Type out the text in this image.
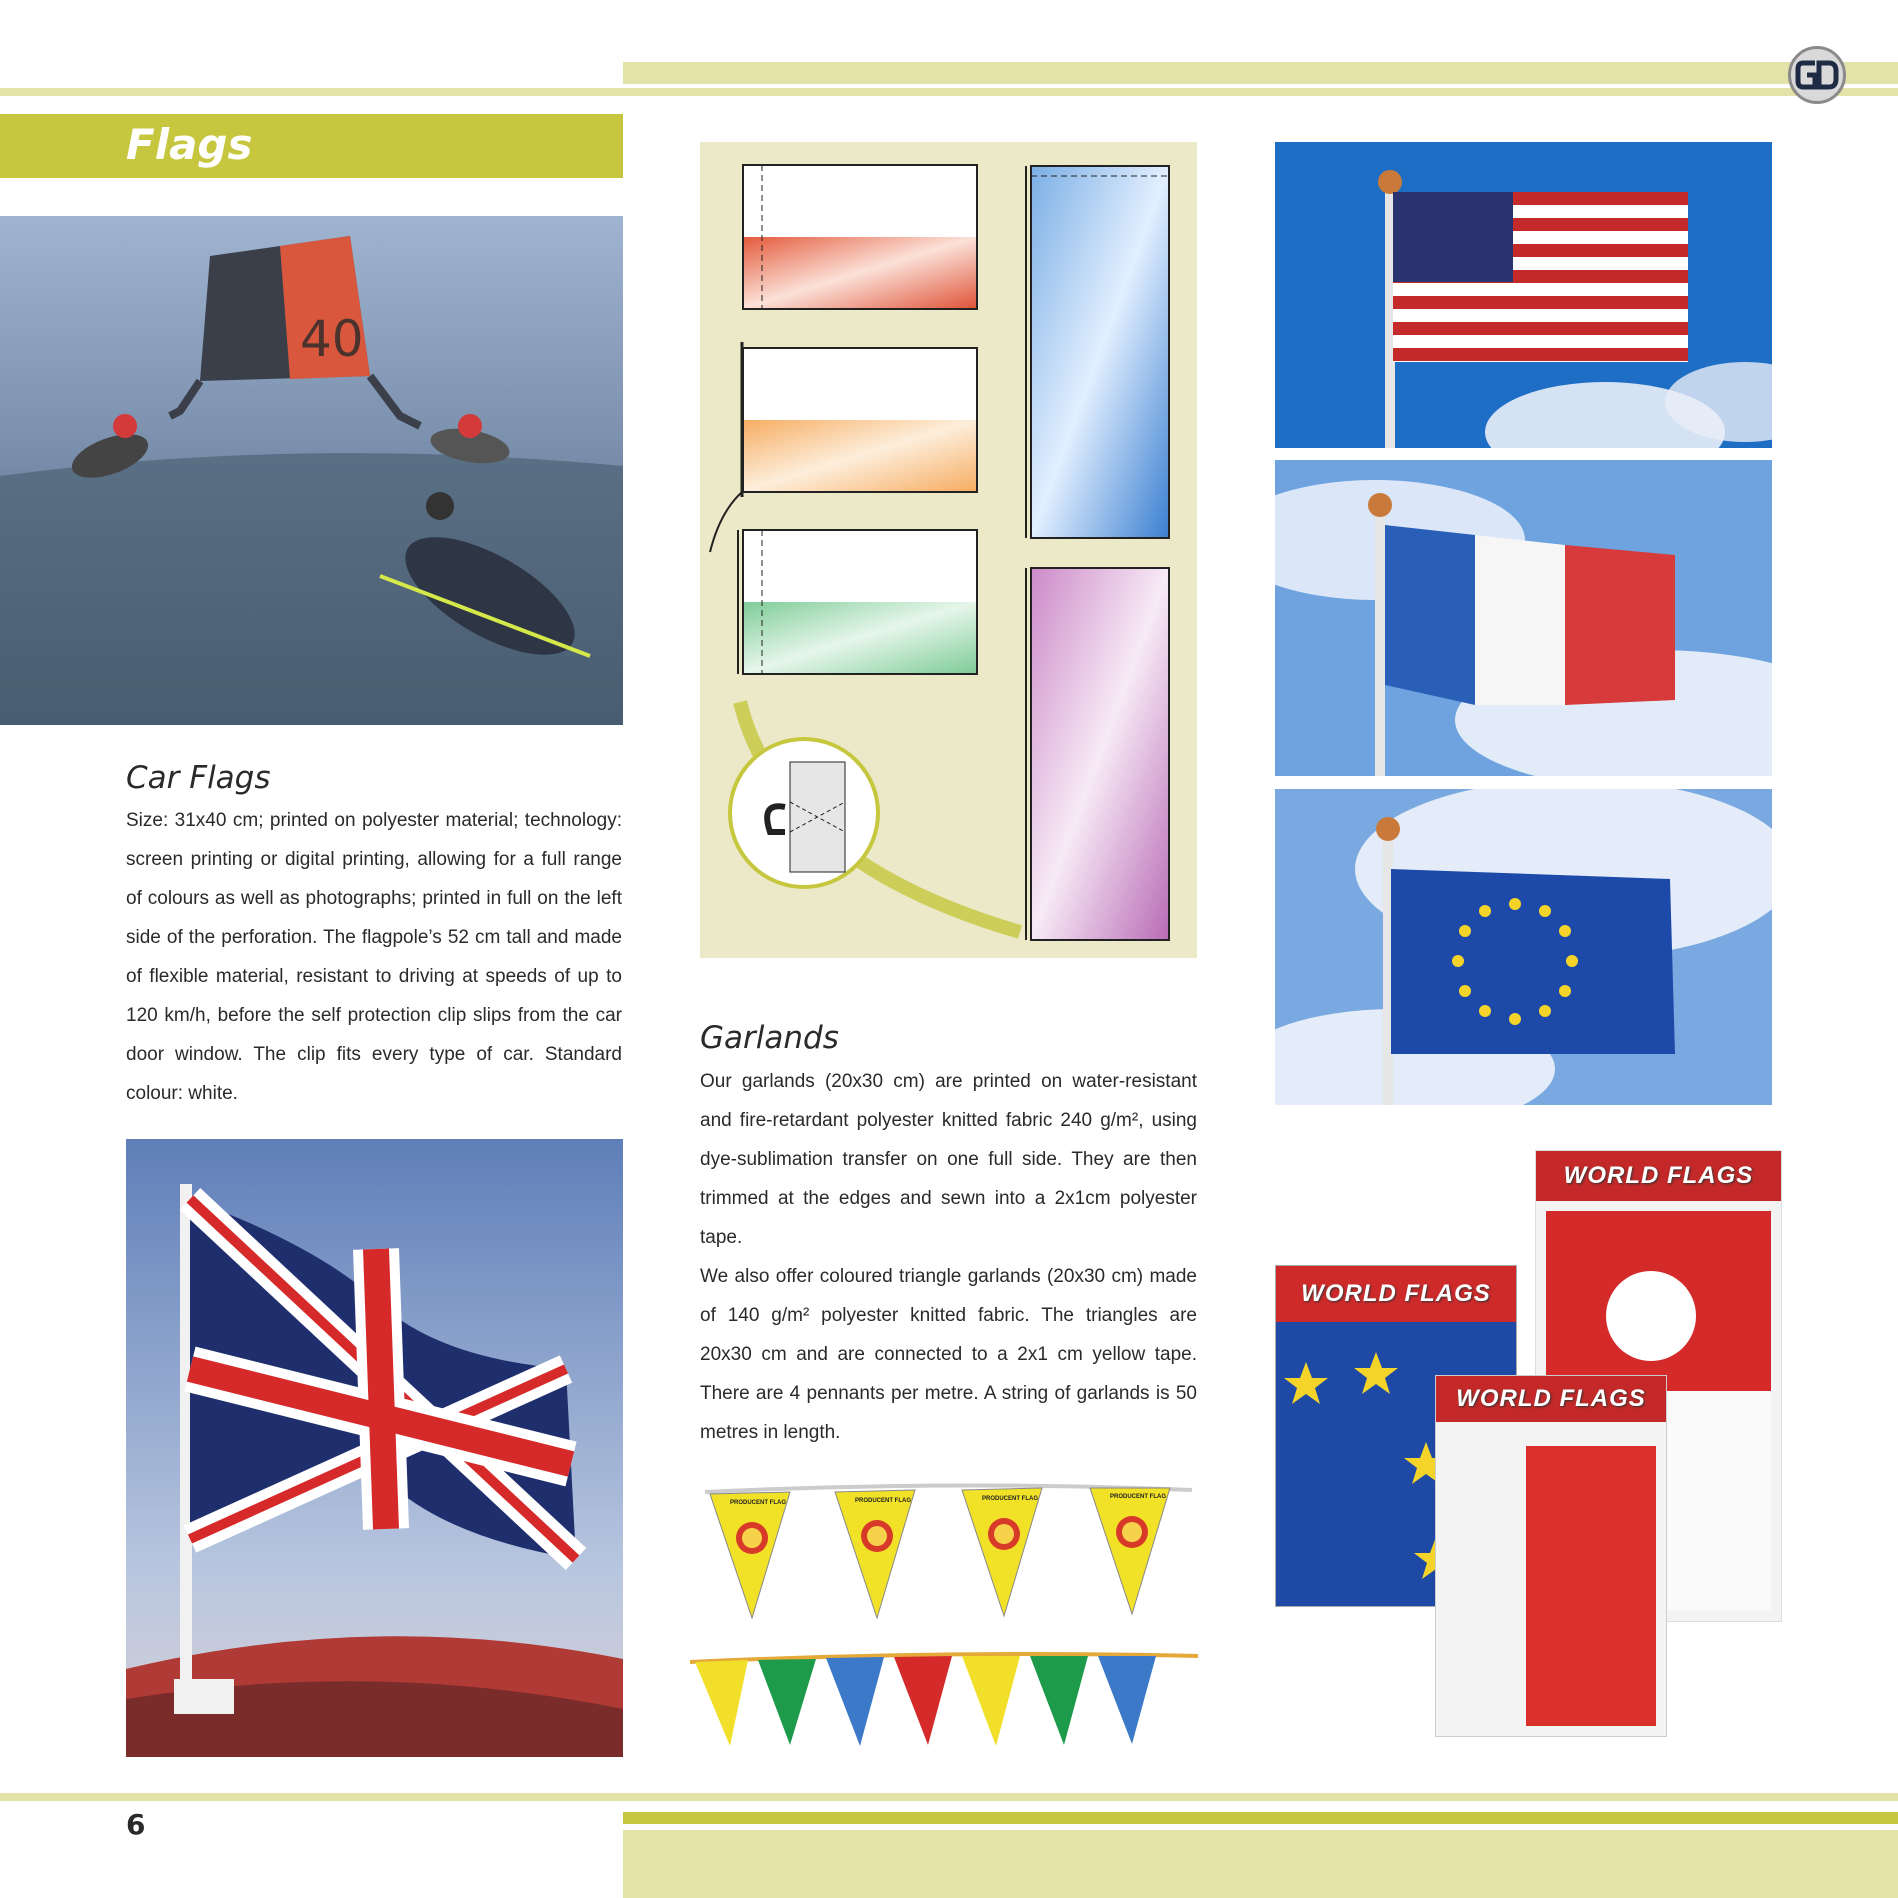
Flags
40
Car Flags

Size: 31x40 cm; printed on polyester material; technology: screen printing or digital printing, allowing for a full range of colours as well as photographs; printed in full on the left side of the perforation. The flagpole’s 52 cm tall and made of flexible material, resistant to driving at speeds of up to 120 km/h, before the self protection clip slips from the car door window. The clip fits every type of car. Standard colour: white.

Garlands

Our garlands (20x30 cm) are printed on water-resistant and fire-retardant polyester knitted fabric 240 g/m², using dye-sublimation transfer on one full side. They are then trimmed at the edges and sewn into a 2x1cm polyester tape.

We also offer coloured triangle garlands (20x30 cm) made of 140 g/m² polyester knitted fabric. The triangles are 20x30 cm and are connected to a 2x1 cm yellow tape. There are 4 pennants per metre. A string of garlands is 50 metres in length.

PRODUCENT FLAG	PRODUCENT FLAG	PRODUCENT FLAG	PRODUCENT FLAG
WORLD FLAGS
WORLD FLAGS
WORLD FLAGS
6
